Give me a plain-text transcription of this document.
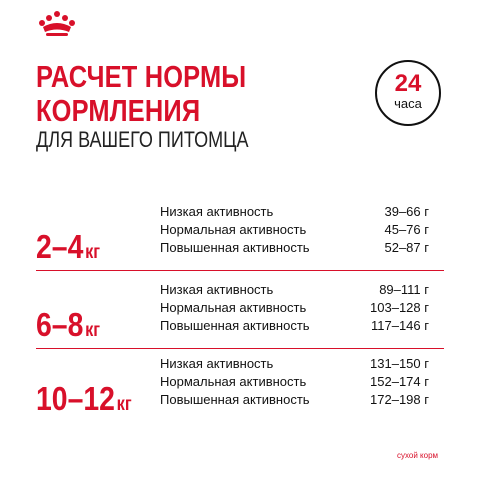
РАСЧЕТ НОРМЫ
КОРМЛЕНИЯ
ДЛЯ ВАШЕГО ПИТОМЦА
24
часа
2–4кг
Низкая активность	39–66 г
Нормальная активность	45–76 г
Повышенная активность	52–87 г
6–8кг
Низкая активность	89–111 г
Нормальная активность	103–128 г
Повышенная активность	117–146 г
10–12кг
Низкая активность	131–150 г
Нормальная активность	152–174 г
Повышенная активность	172–198 г
сухой корм
